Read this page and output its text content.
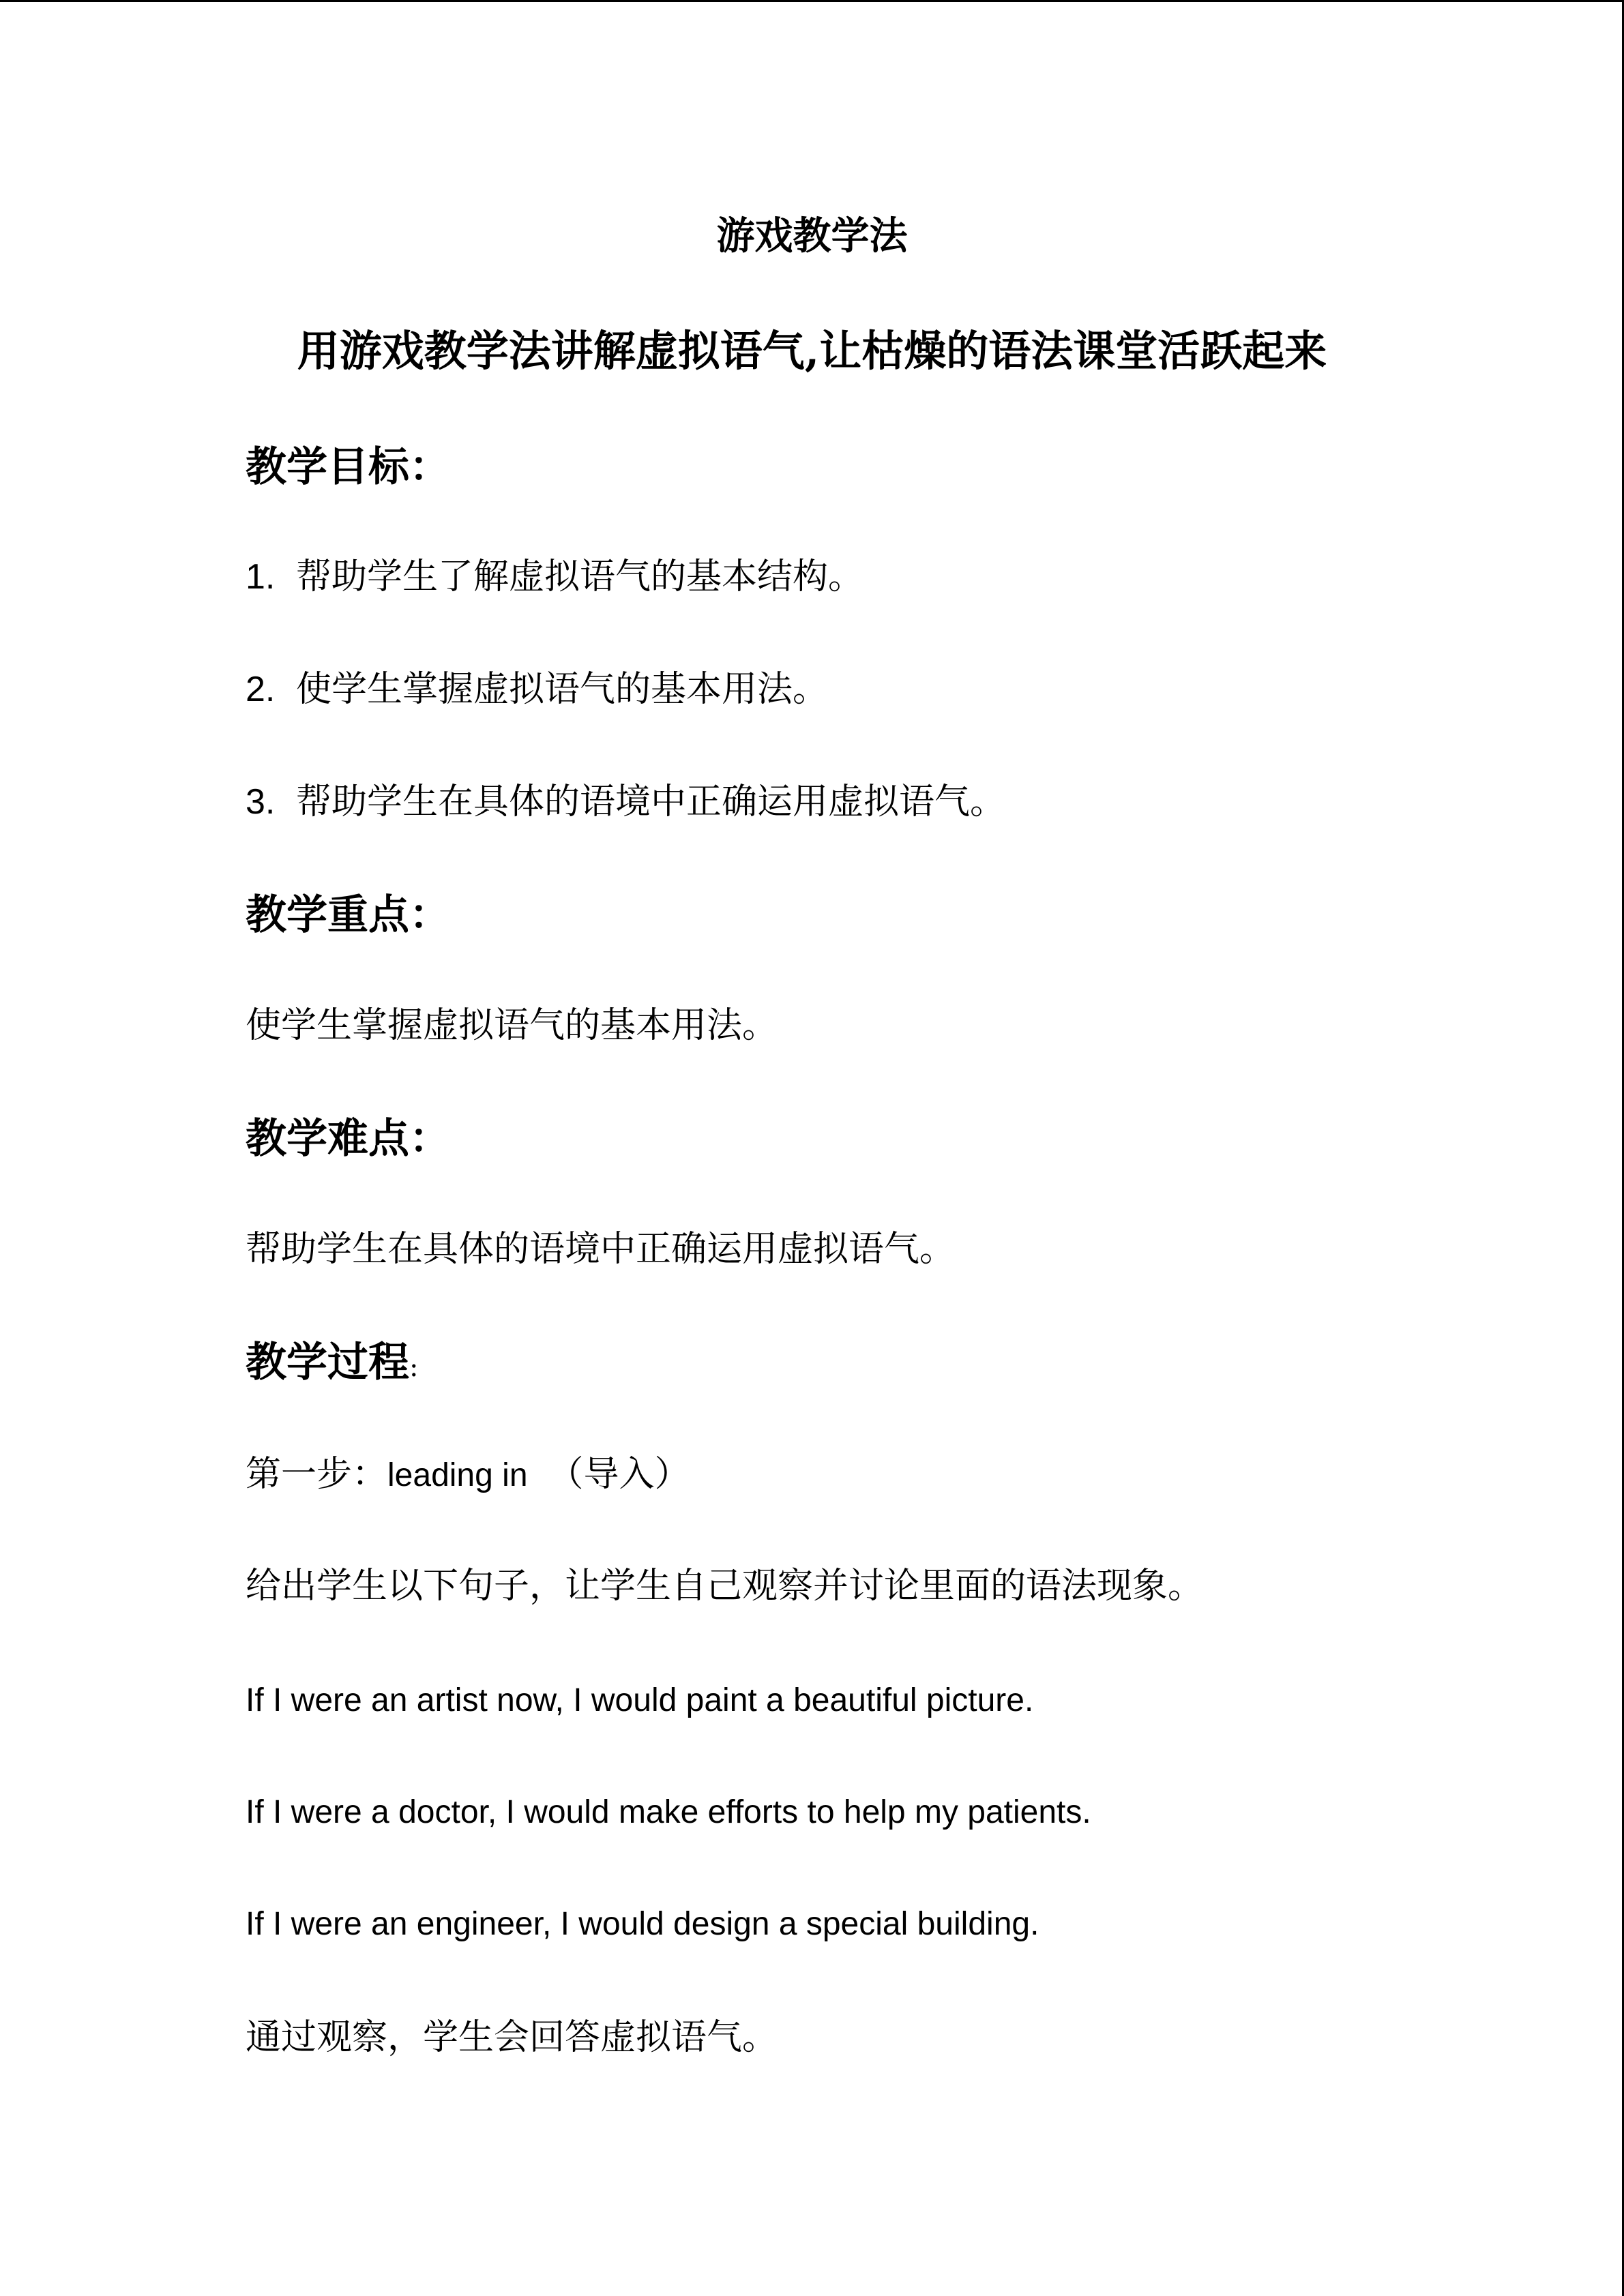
游戏教学法
用游戏教学法讲解虚拟语气,让枯燥的语法课堂活跃起来
教学目标：
1. 帮助学生了解虚拟语气的基本结构。
2. 使学生掌握虚拟语气的基本用法。
3. 帮助学生在具体的语境中正确运用虚拟语气。
教学重点：
使学生掌握虚拟语气的基本用法。
教学难点：
帮助学生在具体的语境中正确运用虚拟语气。
教学过程:
第一步：leading in （导入）
给出学生以下句子，让学生自己观察并讨论里面的语法现象。
If I were an artist now, I would paint a beautiful picture.
If I were a doctor, I would make efforts to help my patients.
If I were an engineer, I would design a special building.
通过观察，学生会回答虚拟语气。
